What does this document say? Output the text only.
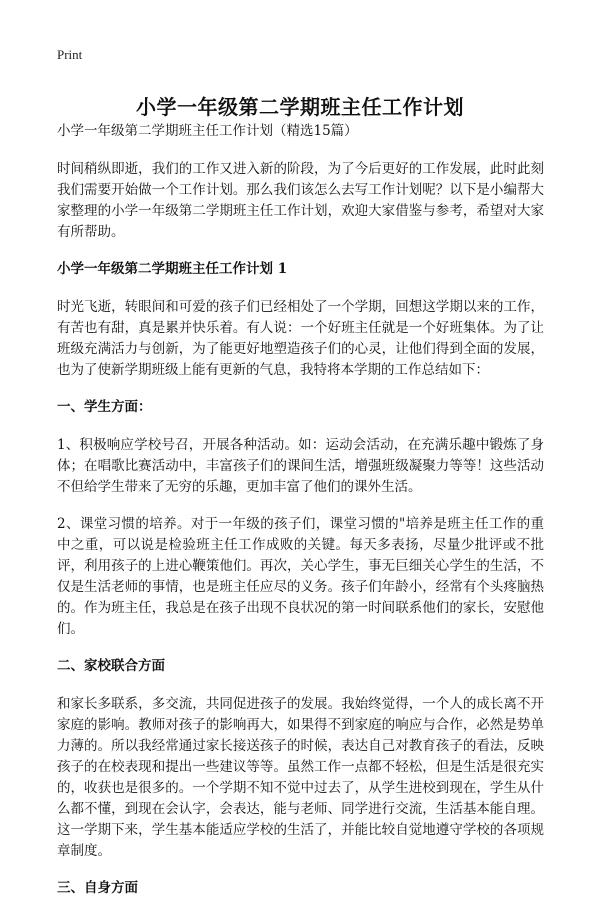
Print
小学一年级第二学期班主任工作计划
小学一年级第二学期班主任工作计划（精选15篇）

时间稍纵即逝，我们的工作又进入新的阶段，为了今后更好的工作发展，此时此刻我们需要开始做一个工作计划。那么我们该怎么去写工作计划呢？以下是小编帮大家整理的小学一年级第二学期班主任工作计划，欢迎大家借鉴与参考，希望对大家有所帮助。

小学一年级第二学期班主任工作计划 1

时光飞逝，转眼间和可爱的孩子们已经相处了一个学期，回想这学期以来的工作，有苦也有甜，真是累并快乐着。有人说：一个好班主任就是一个好班集体。为了让班级充满活力与创新，为了能更好地塑造孩子们的心灵，让他们得到全面的发展，也为了使新学期班级上能有更新的气息，我特将本学期的工作总结如下：

一、学生方面：

1、积极响应学校号召，开展各种活动。如：运动会活动，在充满乐趣中锻炼了身体；在唱歌比赛活动中，丰富孩子们的课间生活，增强班级凝聚力等等！这些活动不但给学生带来了无穷的乐趣，更加丰富了他们的课外生活。

2、课堂习惯的培养。对于一年级的孩子们，课堂习惯的"培养是班主任工作的重中之重，可以说是检验班主任工作成败的关键。每天多表扬，尽量少批评或不批评，利用孩子的上进心鞭策他们。再次，关心学生，事无巨细关心学生的生活，不仅是生活老师的事情，也是班主任应尽的义务。孩子们年龄小，经常有个头疼脑热的。作为班主任，我总是在孩子出现不良状况的第一时间联系他们的家长，安慰他们。

二、家校联合方面

和家长多联系，多交流，共同促进孩子的发展。我始终觉得，一个人的成长离不开家庭的影响。教师对孩子的影响再大，如果得不到家庭的响应与合作，必然是势单力薄的。所以我经常通过家长接送孩子的时候，表达自己对教育孩子的看法，反映孩子的在校表现和提出一些建议等等。虽然工作一点都不轻松，但是生活是很充实的，收获也是很多的。一个学期不知不觉中过去了，从学生进校到现在，学生从什么都不懂，到现在会认字，会表达，能与老师、同学进行交流，生活基本能自理。这一学期下来，学生基本能适应学校的生活了，并能比较自觉地遵守学校的各项规章制度。

三、自身方面
